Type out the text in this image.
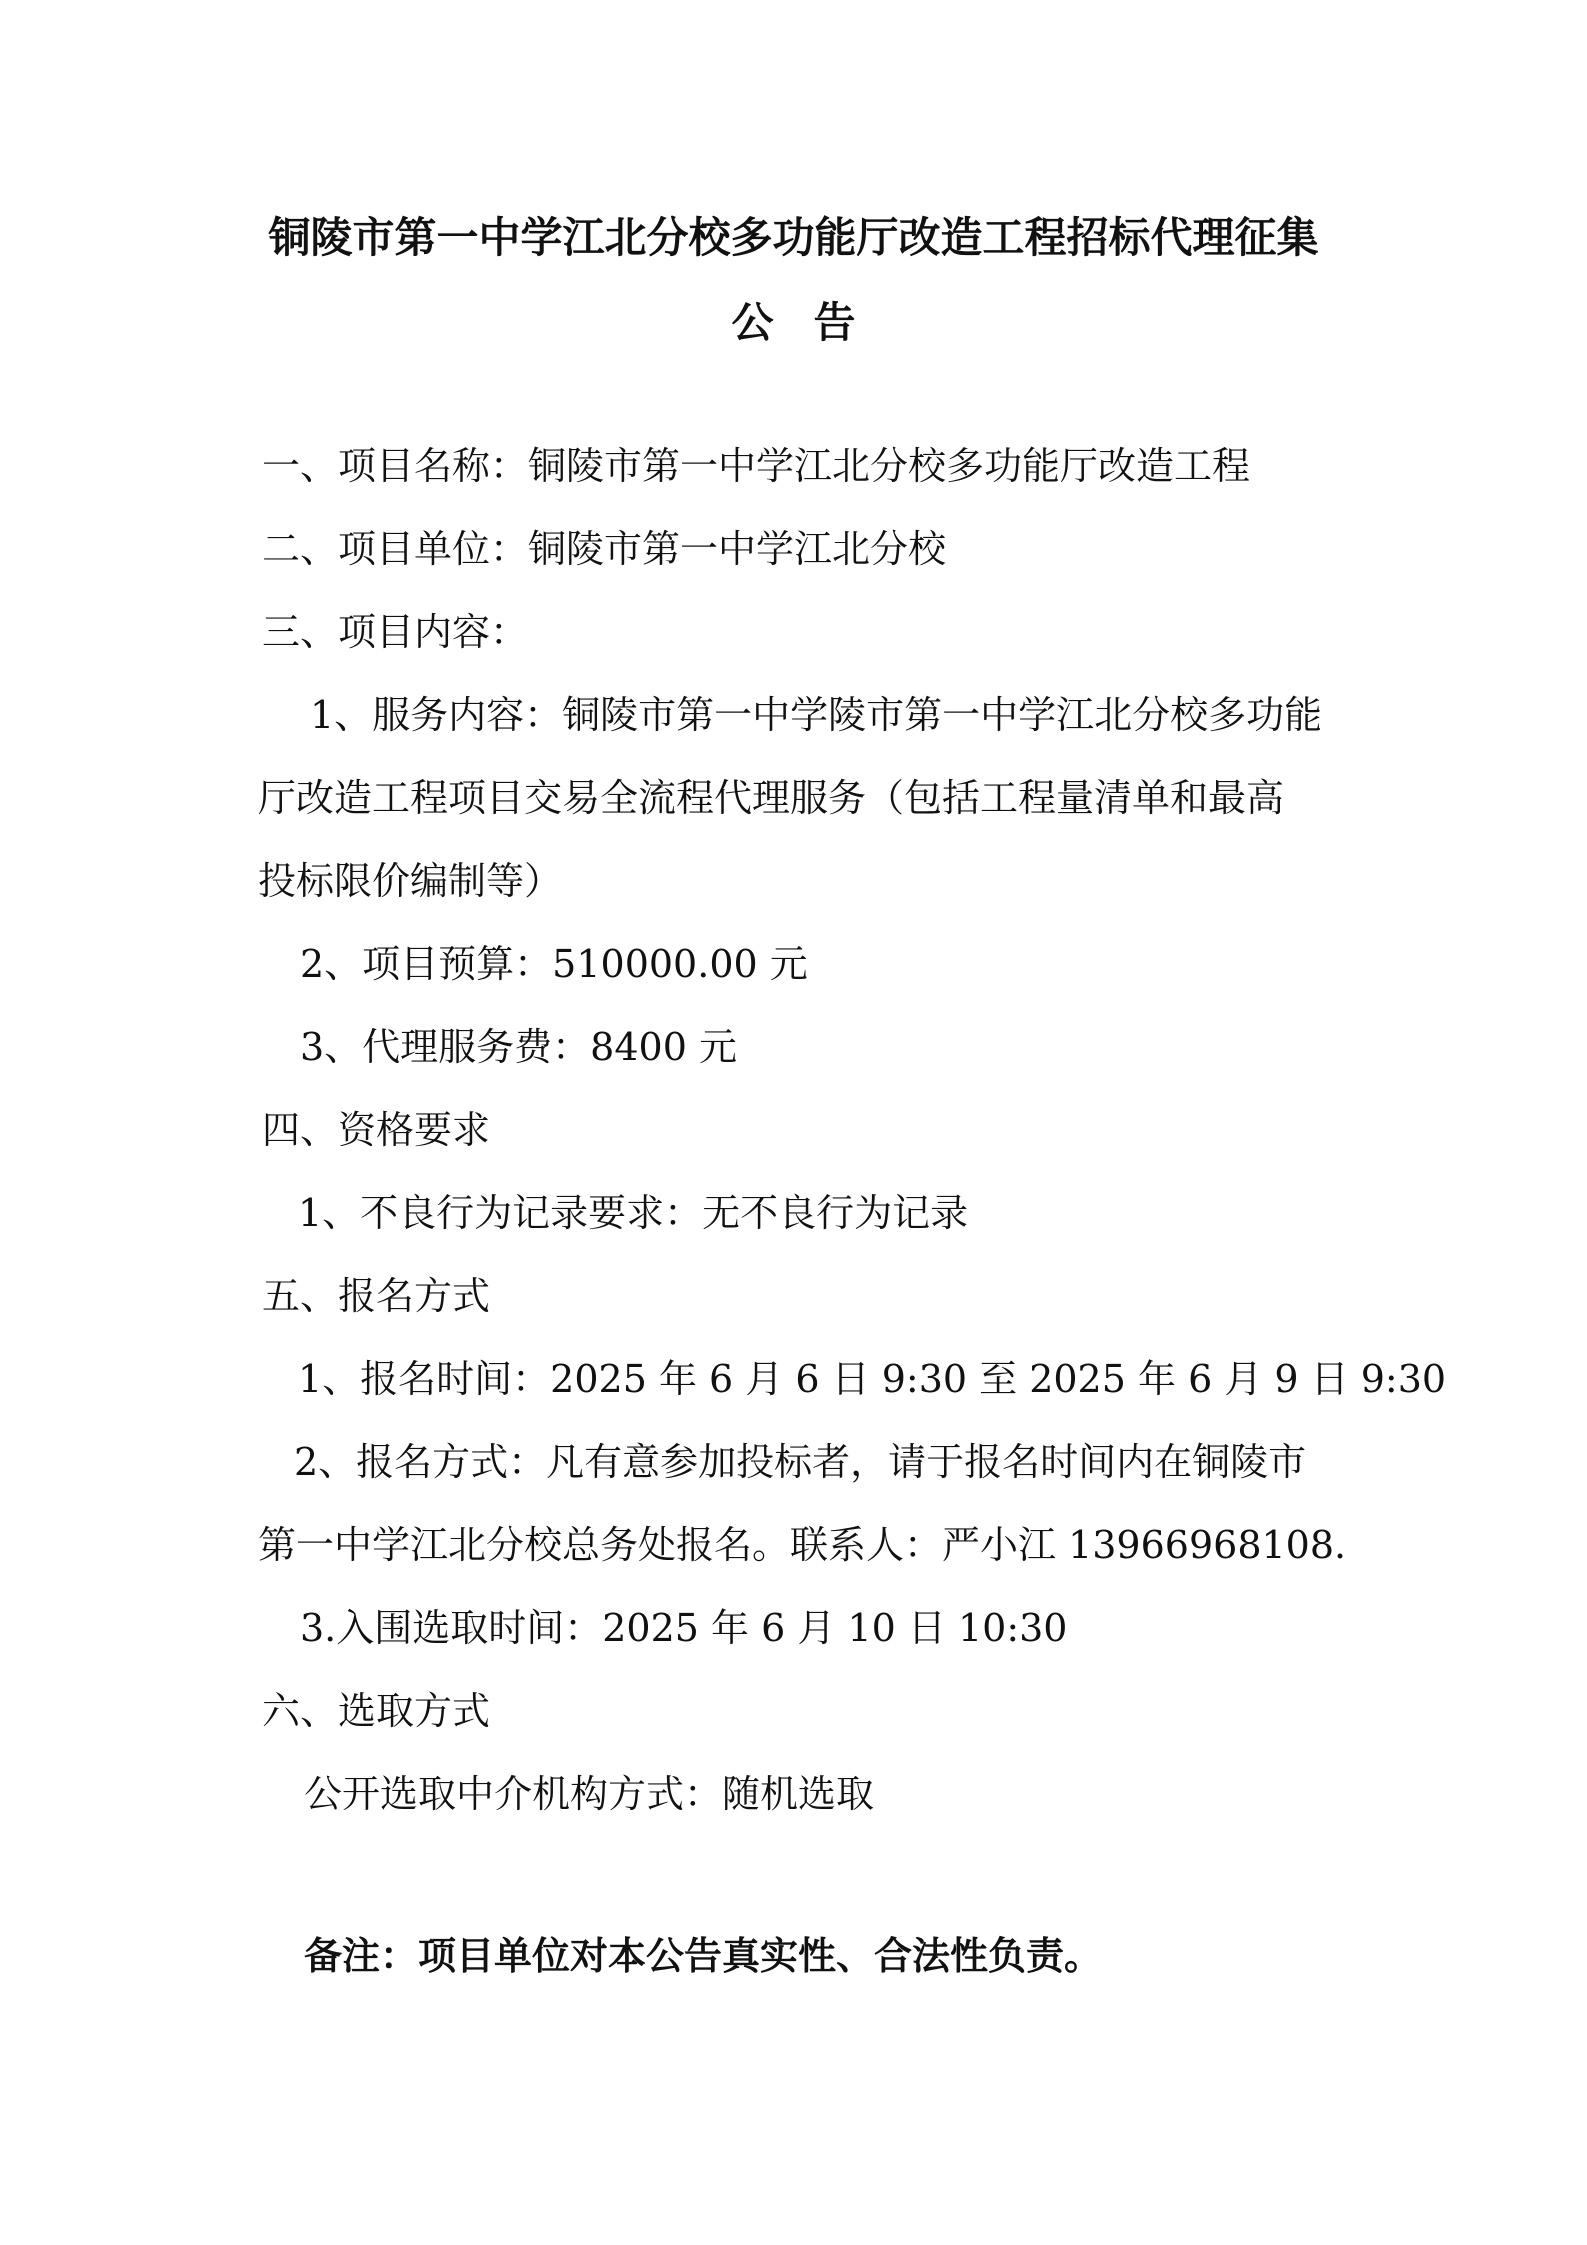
铜陵市第一中学江北分校多功能厅改造工程招标代理征集
公告
一、项目名称：铜陵市第一中学江北分校多功能厅改造工程
二、项目单位：铜陵市第一中学江北分校
三、项目内容：
1、服务内容：铜陵市第一中学陵市第一中学江北分校多功能
厅改造工程项目交易全流程代理服务（包括工程量清单和最高
投标限价编制等）
2、项目预算：510000.00 元
3、代理服务费：8400 元
四、资格要求
1、不良行为记录要求：无不良行为记录
五、报名方式
1、报名时间：2025 年 6 月 6 日 9:30 至 2025 年 6 月 9 日 9:30
2、报名方式：凡有意参加投标者，请于报名时间内在铜陵市
第一中学江北分校总务处报名。联系人：严小江 13966968108.
3.入围选取时间：2025 年 6 月 10 日 10:30
六、选取方式
公开选取中介机构方式：随机选取
备注：项目单位对本公告真实性、合法性负责。
